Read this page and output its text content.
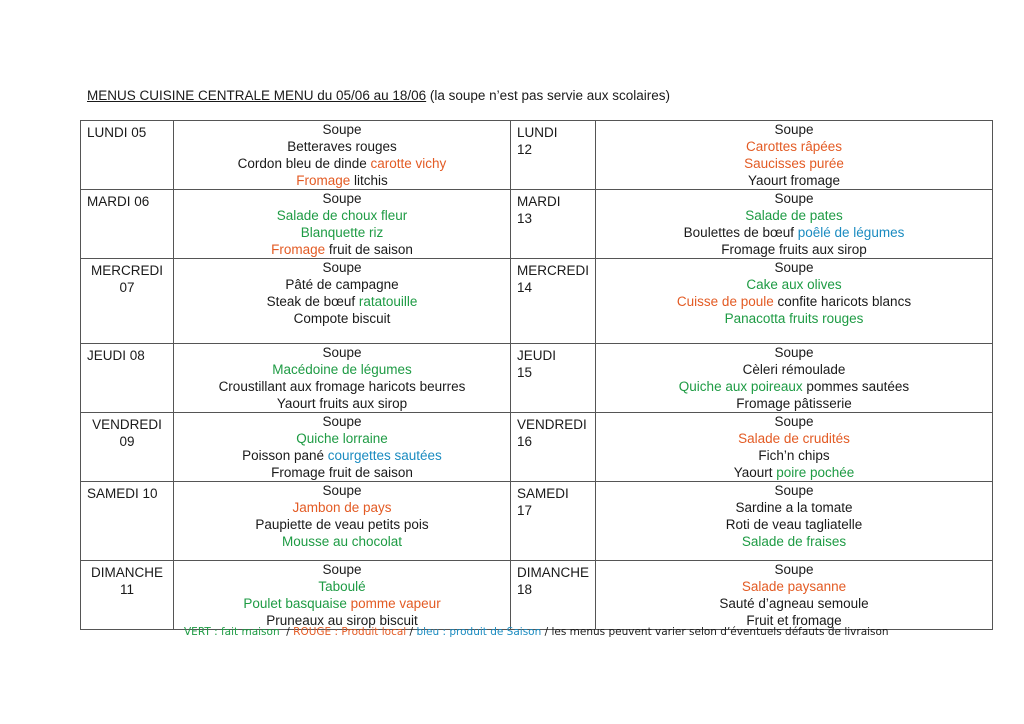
MENUS CUISINE CENTRALE MENU du 05/06 au 18/06 (la soupe n’est pas servie aux scolaires)
LUNDI 05	Soupe
Betteraves rouges
Cordon bleu de dinde carotte vichy
Fromage litchis	LUNDI
12	Soupe
Carottes râpées
Saucisses purée
Yaourt fromage

MARDI 06	Soupe
Salade de choux fleur
Blanquette riz
Fromage fruit de saison	MARDI
13	Soupe
Salade de pates
Boulettes de bœuf poêlé de légumes
Fromage fruits aux sirop

MERCREDI
07	Soupe
Pâté de campagne
Steak de bœuf ratatouille
Compote biscuit	MERCREDI
14	Soupe
Cake aux olives
Cuisse de poule confite haricots blancs
Panacotta fruits rouges

JEUDI 08	Soupe
Macédoine de légumes
Croustillant aux fromage haricots beurres
Yaourt fruits aux sirop	JEUDI
15	Soupe
Cèleri rémoulade
Quiche aux poireaux pommes sautées
Fromage pâtisserie

VENDREDI
09	Soupe
Quiche lorraine
Poisson pané courgettes sautées
Fromage fruit de saison	VENDREDI
16	Soupe
Salade de crudités
Fich’n chips
Yaourt poire pochée

SAMEDI 10	Soupe
Jambon de pays
Paupiette de veau petits pois
Mousse au chocolat	SAMEDI
17	Soupe
Sardine a la tomate
Roti de veau tagliatelle
Salade de fraises

DIMANCHE
11	Soupe
Taboulé
Poulet basquaise pomme vapeur
Pruneaux au sirop biscuit	DIMANCHE
18	Soupe
Salade paysanne
Sauté d’agneau semoule
Fruit et fromage
VERT : fait maison  / ROUGE : Produit local / bleu : produit de Saison / les menus peuvent varier selon d’éventuels défauts de livraison
